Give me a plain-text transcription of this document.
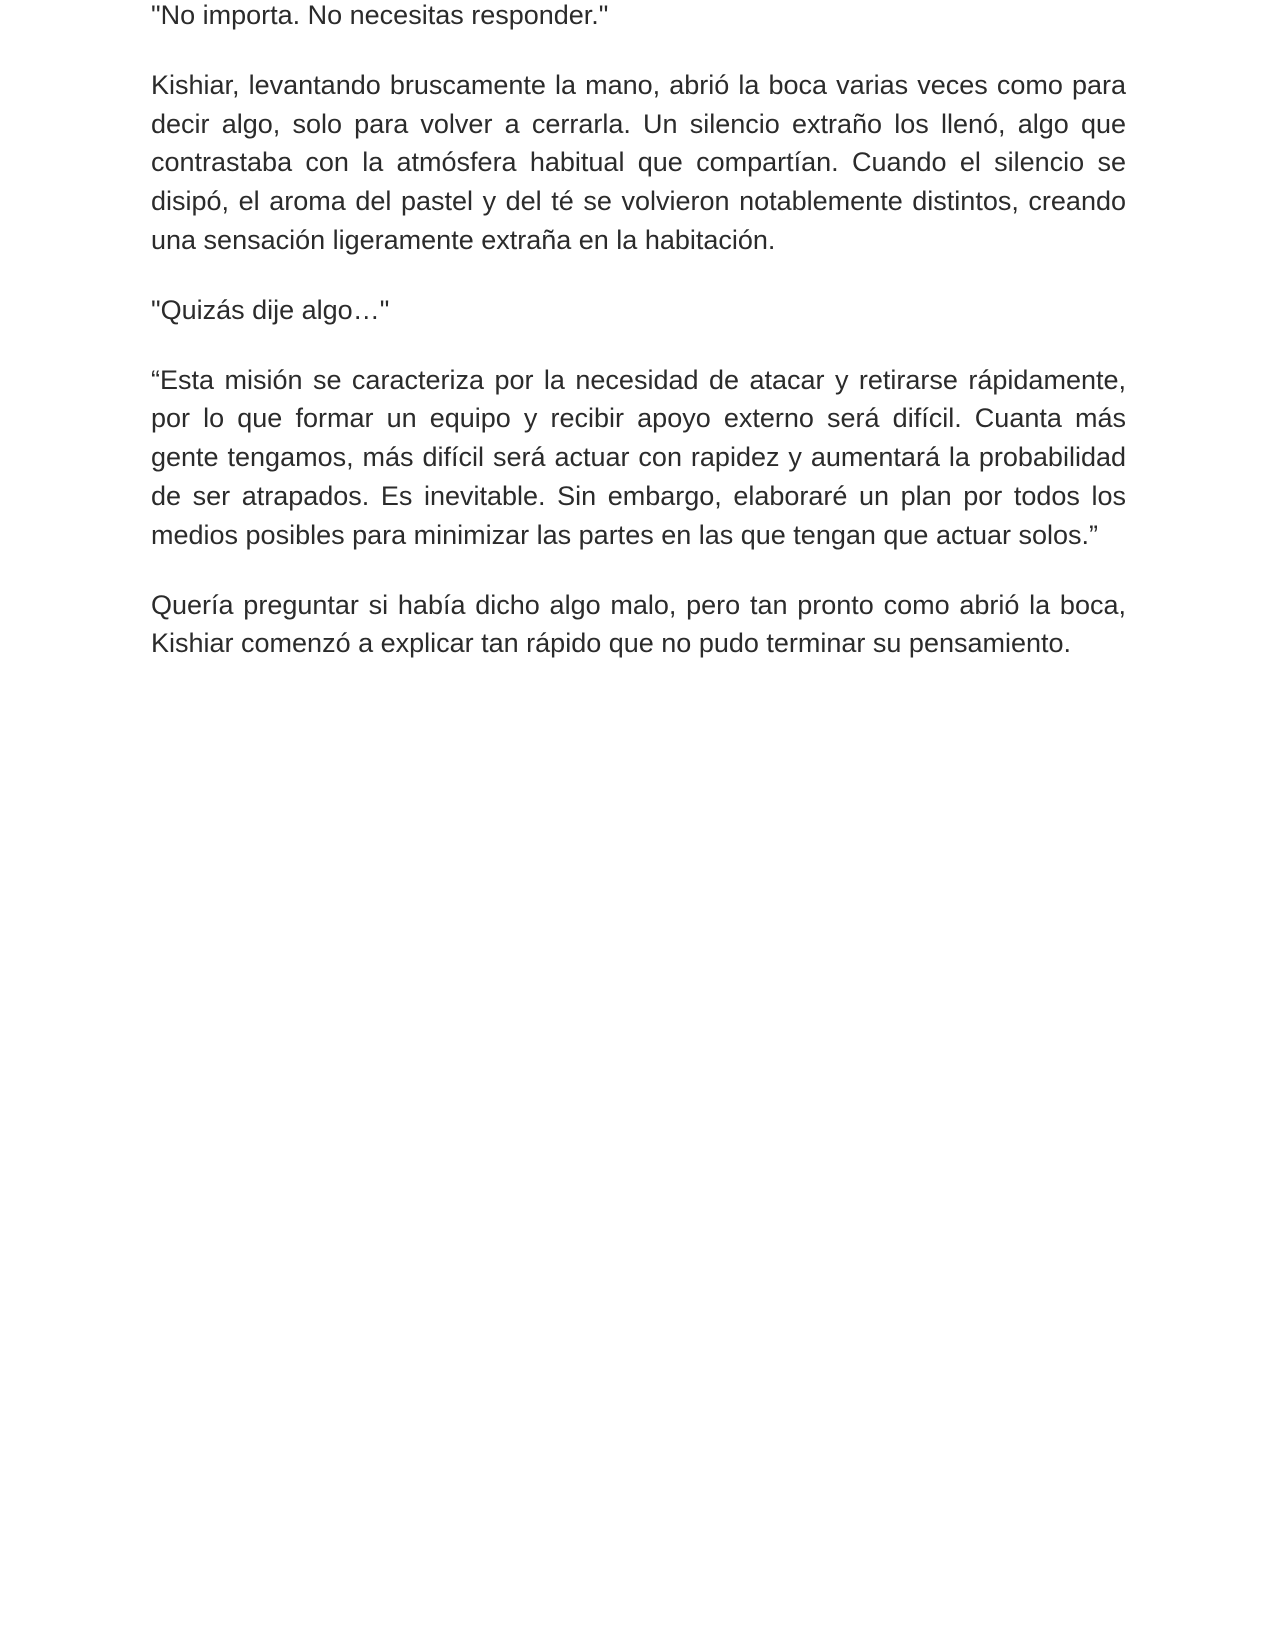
"No importa. No necesitas responder."

Kishiar, levantando bruscamente la mano, abrió la boca varias veces como para decir algo, solo para volver a cerrarla. Un silencio extraño los llenó, algo que contrastaba con la atmósfera habitual que compartían. Cuando el silencio se disipó, el aroma del pastel y del té se volvieron notablemente distintos, creando una sensación ligeramente extraña en la habitación.

"Quizás dije algo…"

“Esta misión se caracteriza por la necesidad de atacar y retirarse rápidamente, por lo que formar un equipo y recibir apoyo externo será difícil. Cuanta más gente tengamos, más difícil será actuar con rapidez y aumentará la probabilidad de ser atrapados. Es inevitable. Sin embargo, elaboraré un plan por todos los medios posibles para minimizar las partes en las que tengan que actuar solos.”

Quería preguntar si había dicho algo malo, pero tan pronto como abrió la boca, Kishiar comenzó a explicar tan rápido que no pudo terminar su pensamiento.
